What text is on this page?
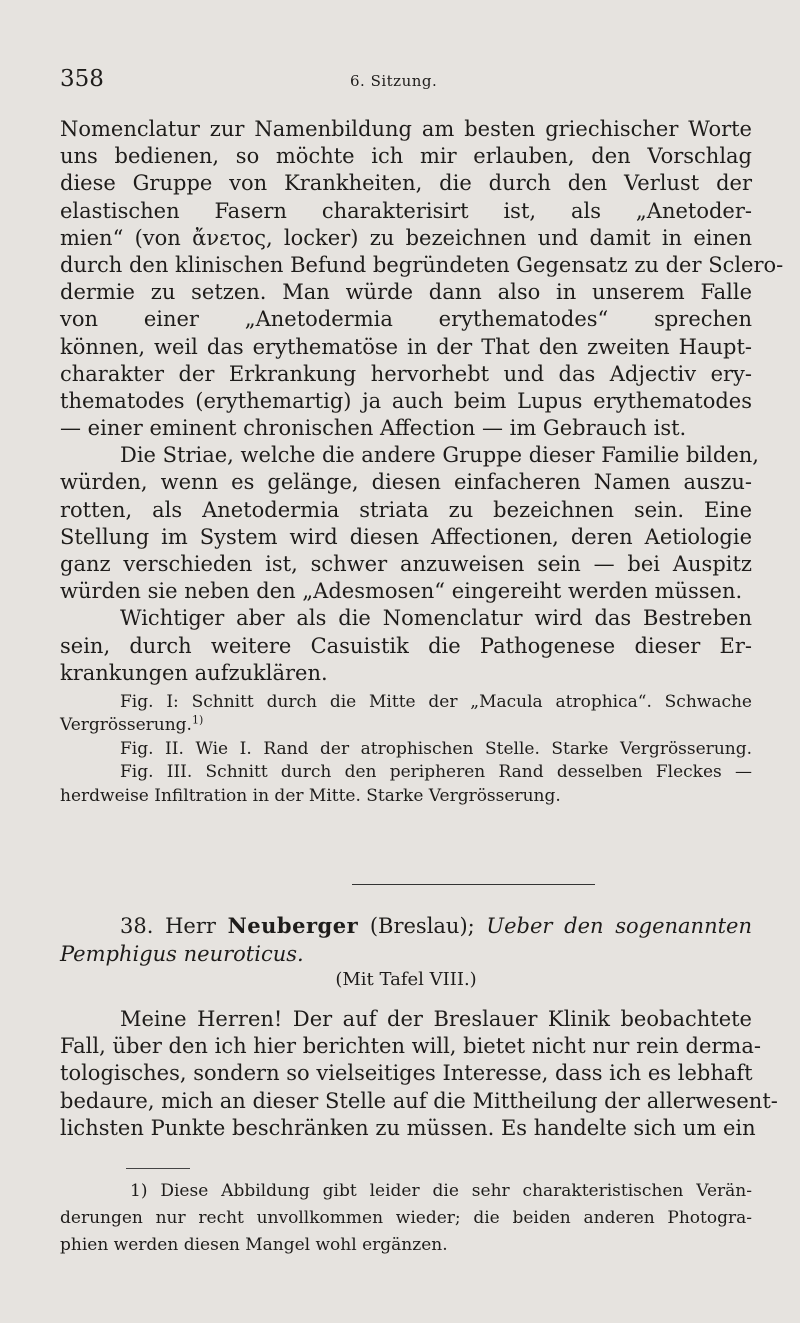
358	6. Sitzung.
Nomenclatur zur Namenbildung am besten griechischer Worte
uns bedienen, so möchte ich mir erlauben, den Vorschlag
diese Gruppe von Krankheiten, die durch den Verlust der
elastischen Fasern charakterisirt ist, als „Anetoder-
mien“ (von ἄνετος, locker) zu bezeichnen und damit in einen
durch den klinischen Befund begründeten Gegensatz zu der Sclero-
dermie zu setzen. Man würde dann also in unserem Falle
von einer „Anetodermia erythematodes“ sprechen
können, weil das erythematöse in der That den zweiten Haupt-
charakter der Erkrankung hervorhebt und das Adjectiv ery-
thematodes (erythemartig) ja auch beim Lupus erythematodes
— einer eminent chronischen Affection — im Gebrauch ist.
Die Striae, welche die andere Gruppe dieser Familie bilden,
würden, wenn es gelänge, diesen einfacheren Namen auszu-
rotten, als Anetodermia striata zu bezeichnen sein. Eine
Stellung im System wird diesen Affectionen, deren Aetiologie
ganz verschieden ist, schwer anzuweisen sein — bei Auspitz
würden sie neben den „Adesmosen“ eingereiht werden müssen.
Wichtiger aber als die Nomenclatur wird das Bestreben
sein, durch weitere Casuistik die Pathogenese dieser Er-
krankungen aufzuklären.
Fig. I: Schnitt durch die Mitte der „Macula atrophica“. Schwache
Vergrösserung.$^{1)}$
Fig. II. Wie I. Rand der atrophischen Stelle. Starke Vergrösserung.
Fig. III. Schnitt durch den peripheren Rand desselben Fleckes —
herdweise Infiltration in der Mitte. Starke Vergrösserung.
38. Herr Neuberger (Breslau); Ueber den sogenannten
Pemphigus neuroticus.
(Mit Tafel VIII.)
Meine Herren! Der auf der Breslauer Klinik beobachtete
Fall, über den ich hier berichten will, bietet nicht nur rein derma-
tologisches, sondern so vielseitiges Interesse, dass ich es lebhaft
bedaure, mich an dieser Stelle auf die Mittheilung der allerwesent-
lichsten Punkte beschränken zu müssen. Es handelte sich um ein
1) Diese Abbildung gibt leider die sehr charakteristischen Verän-
derungen nur recht unvollkommen wieder; die beiden anderen Photogra-
phien werden diesen Mangel wohl ergänzen.
